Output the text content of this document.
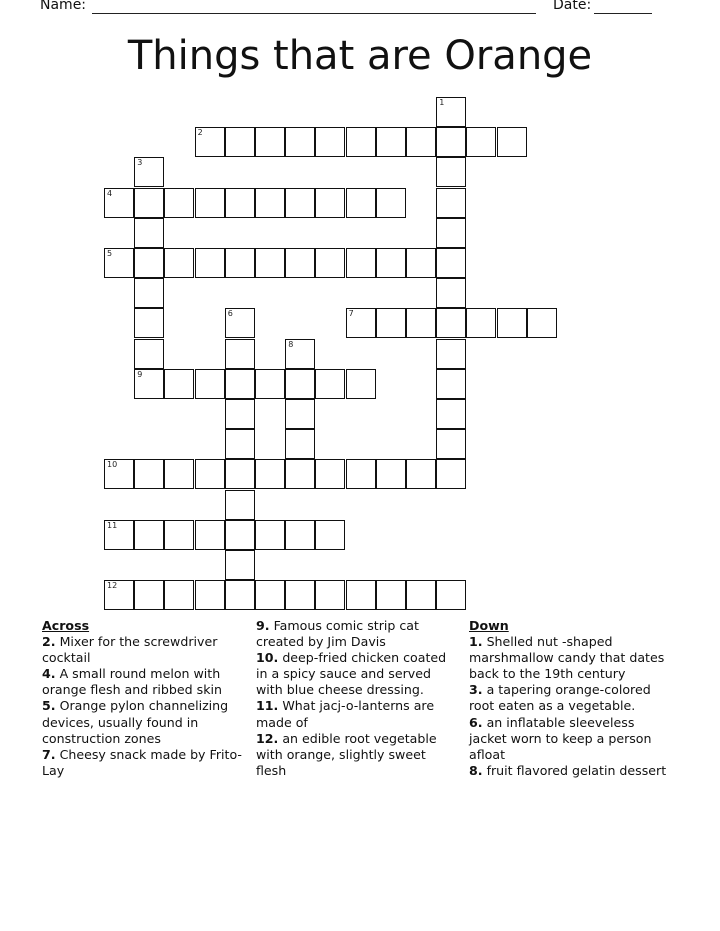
Name:	Date:
Things that are Orange
1
2
3
4
5
6	7
8
9
10
11
12
Across

2. Mixer for the screwdriver cocktail

4. A small round melon with orange flesh and ribbed skin

5. Orange pylon channelizing devices, usually found in construction zones

7. Cheesy snack made by Frito-Lay

9. Famous comic strip cat created by Jim Davis

10. deep-fried chicken coated in a spicy sauce and served with blue cheese dressing.

11. What jacj-o-lanterns are made of

12. an edible root vegetable with orange, slightly sweet flesh

Down

1. Shelled nut -shaped marshmallow candy that dates back to the 19th century

3. a tapering orange-colored root eaten as a vegetable.

6. an inflatable sleeveless jacket worn to keep a person afloat

8. fruit flavored gelatin dessert
